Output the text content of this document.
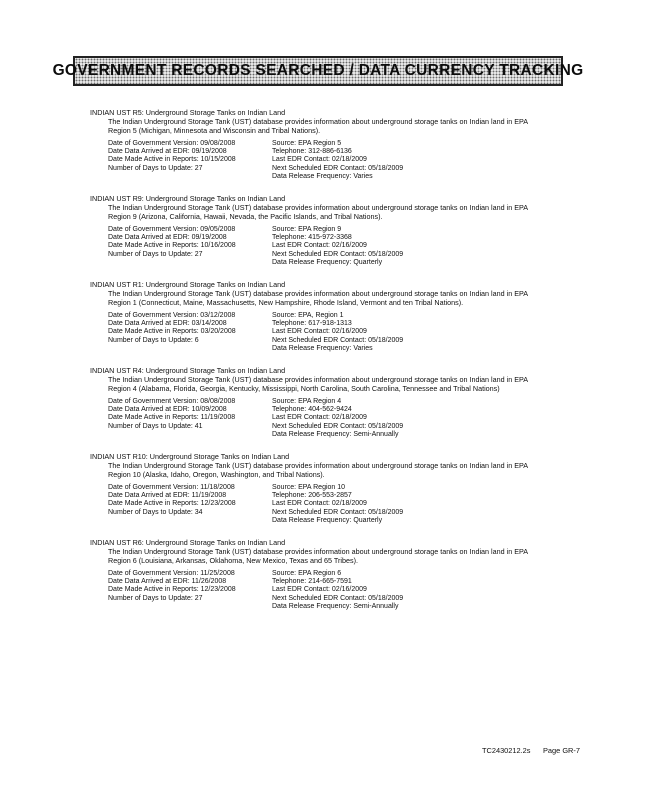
GOVERNMENT RECORDS SEARCHED / DATA CURRENCY TRACKING
INDIAN UST R5: Underground Storage Tanks on Indian Land
The Indian Underground Storage Tank (UST) database provides information about underground storage tanks on Indian land in EPA Region 5 (Michigan, Minnesota and Wisconsin and Tribal Nations).
Date of Government Version: 09/08/2008
Date Data Arrived at EDR: 09/19/2008
Date Made Active in Reports: 10/15/2008
Number of Days to Update: 27
Source: EPA Region 5
Telephone: 312-886-6136
Last EDR Contact: 02/18/2009
Next Scheduled EDR Contact: 05/18/2009
Data Release Frequency: Varies
INDIAN UST R9: Underground Storage Tanks on Indian Land
The Indian Underground Storage Tank (UST) database provides information about underground storage tanks on Indian land in EPA Region 9 (Arizona, California, Hawaii, Nevada, the Pacific Islands, and Tribal Nations).
Date of Government Version: 09/05/2008
Date Data Arrived at EDR: 09/19/2008
Date Made Active in Reports: 10/16/2008
Number of Days to Update: 27
Source: EPA Region 9
Telephone: 415-972-3368
Last EDR Contact: 02/16/2009
Next Scheduled EDR Contact: 05/18/2009
Data Release Frequency: Quarterly
INDIAN UST R1: Underground Storage Tanks on Indian Land
The Indian Underground Storage Tank (UST) database provides information about underground storage tanks on Indian land in EPA Region 1 (Connecticut, Maine, Massachusetts, New Hampshire, Rhode Island, Vermont and ten Tribal Nations).
Date of Government Version: 03/12/2008
Date Data Arrived at EDR: 03/14/2008
Date Made Active in Reports: 03/20/2008
Number of Days to Update: 6
Source: EPA, Region 1
Telephone: 617-918-1313
Last EDR Contact: 02/16/2009
Next Scheduled EDR Contact: 05/18/2009
Data Release Frequency: Varies
INDIAN UST R4: Underground Storage Tanks on Indian Land
The Indian Underground Storage Tank (UST) database provides information about underground storage tanks on Indian land in EPA Region 4 (Alabama, Florida, Georgia, Kentucky, Mississippi, North Carolina, South Carolina, Tennessee and Tribal Nations)
Date of Government Version: 08/08/2008
Date Data Arrived at EDR: 10/09/2008
Date Made Active in Reports: 11/19/2008
Number of Days to Update: 41
Source: EPA Region 4
Telephone: 404-562-9424
Last EDR Contact: 02/18/2009
Next Scheduled EDR Contact: 05/18/2009
Data Release Frequency: Semi-Annually
INDIAN UST R10: Underground Storage Tanks on Indian Land
The Indian Underground Storage Tank (UST) database provides information about underground storage tanks on Indian land in EPA Region 10 (Alaska, Idaho, Oregon, Washington, and Tribal Nations).
Date of Government Version: 11/18/2008
Date Data Arrived at EDR: 11/19/2008
Date Made Active in Reports: 12/23/2008
Number of Days to Update: 34
Source: EPA Region 10
Telephone: 206-553-2857
Last EDR Contact: 02/18/2009
Next Scheduled EDR Contact: 05/18/2009
Data Release Frequency: Quarterly
INDIAN UST R6: Underground Storage Tanks on Indian Land
The Indian Underground Storage Tank (UST) database provides information about underground storage tanks on Indian land in EPA Region 6 (Louisiana, Arkansas, Oklahoma, New Mexico, Texas and 65 Tribes).
Date of Government Version: 11/25/2008
Date Data Arrived at EDR: 11/26/2008
Date Made Active in Reports: 12/23/2008
Number of Days to Update: 27
Source: EPA Region 6
Telephone: 214-665-7591
Last EDR Contact: 02/16/2009
Next Scheduled EDR Contact: 05/18/2009
Data Release Frequency: Semi-Annually
TC2430212.2s Page GR-7
